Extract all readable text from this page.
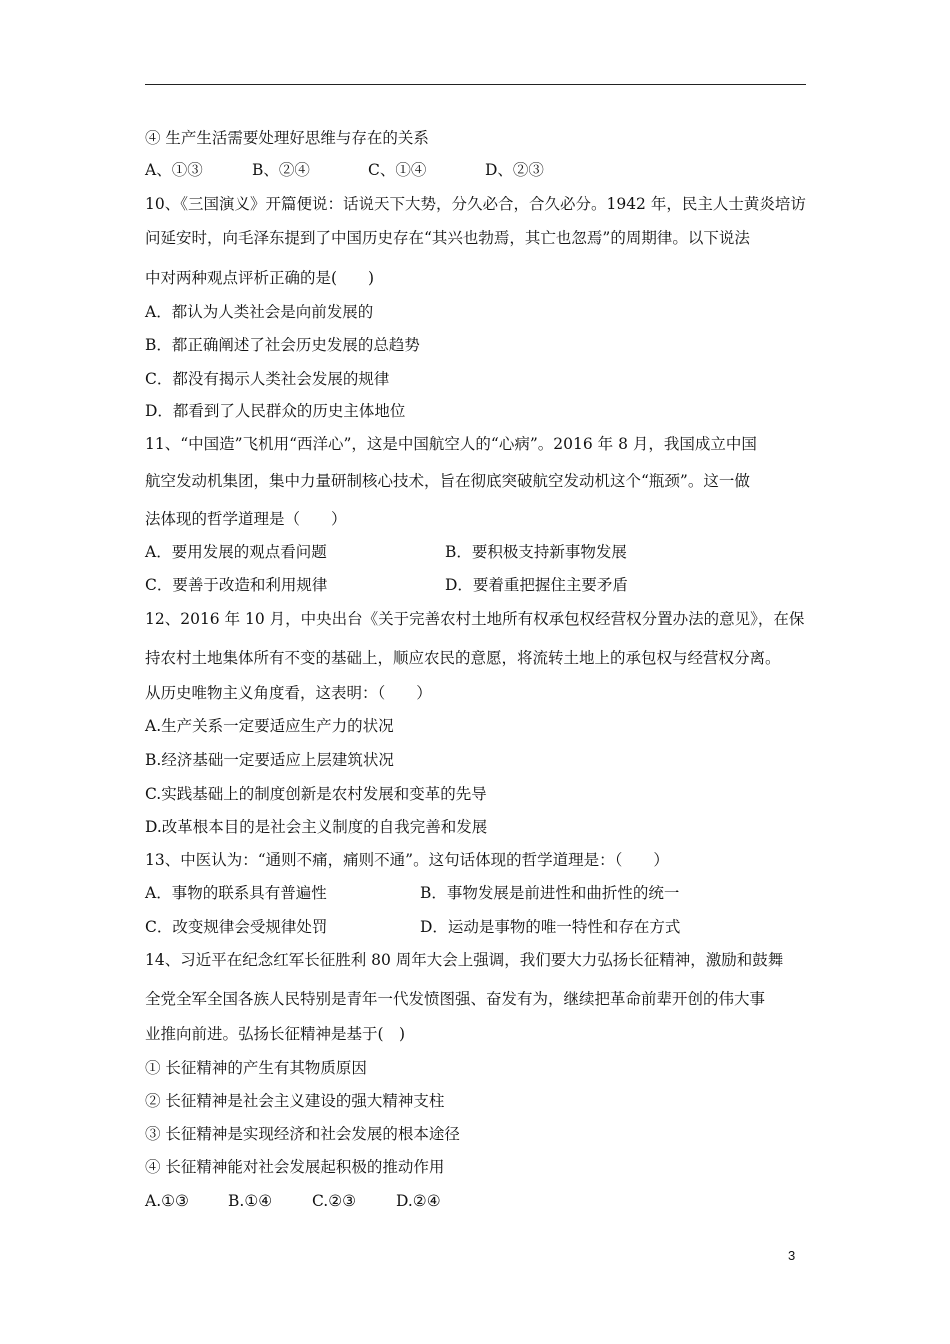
④ 生产生活需要处理好思维与存在的关系
A、①③	B、②④	C、①④	D、②③
10、《三国演义》开篇便说：话说天下大势，分久必合，合久必分。1942 年，民主人士黄炎培访
问延安时，向毛泽东提到了中国历史存在“其兴也勃焉，其亡也忽焉”的周期律。以下说法
中对两种观点评析正确的是(　　)
A．都认为人类社会是向前发展的
B．都正确阐述了社会历史发展的总趋势
C．都没有揭示人类社会发展的规律
D．都看到了人民群众的历史主体地位
11、“中国造”飞机用“西洋心”，这是中国航空人的“心病”。2016 年 8 月，我国成立中国
航空发动机集团，集中力量研制核心技术，旨在彻底突破航空发动机这个“瓶颈”。这一做
法体现的哲学道理是（　　）
A．要用发展的观点看问题	B．要积极支持新事物发展
C．要善于改造和利用规律	D．要着重把握住主要矛盾
12、2016 年 10 月，中央出台《关于完善农村土地所有权承包权经营权分置办法的意见》，在保
持农村土地集体所有不变的基础上，顺应农民的意愿，将流转土地上的承包权与经营权分离。
从历史唯物主义角度看，这表明：（　　）
A.生产关系一定要适应生产力的状况
B.经济基础一定要适应上层建筑状况
C.实践基础上的制度创新是农村发展和变革的先导
D.改革根本目的是社会主义制度的自我完善和发展
13、中医认为：“通则不痛，痛则不通”。这句话体现的哲学道理是：（　　）
A．事物的联系具有普遍性	B．事物发展是前进性和曲折性的统一
C．改变规律会受规律处罚	D．运动是事物的唯一特性和存在方式
14、习近平在纪念红军长征胜利 80 周年大会上强调，我们要大力弘扬长征精神，激励和鼓舞
全党全军全国各族人民特别是青年一代发愤图强、奋发有为，继续把革命前辈开创的伟大事
业推向前进。弘扬长征精神是基于(　)
① 长征精神的产生有其物质原因
② 长征精神是社会主义建设的强大精神支柱
③ 长征精神是实现经济和社会发展的根本途径
④ 长征精神能对社会发展起积极的推动作用
A.①③	B.①④	C.②③	D.②④
3
